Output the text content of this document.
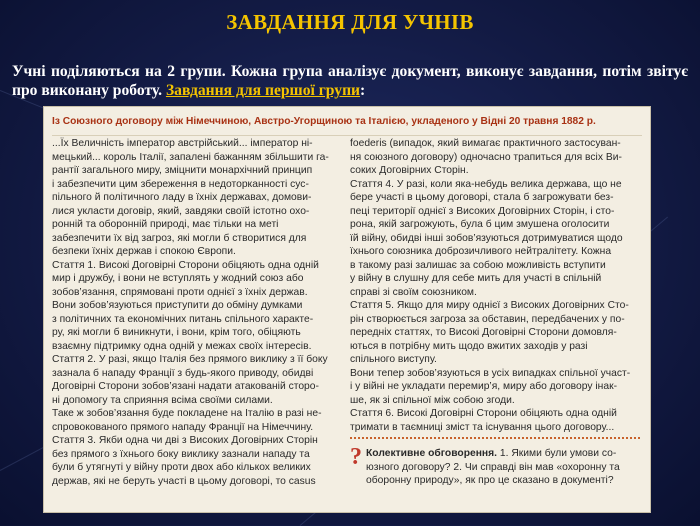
ЗАВДАННЯ ДЛЯ УЧНІВ
Учні поділяються на 2 групи. Кожна група аналізує документ, виконує завдання, потім звітує про виконану роботу. Завдання для першої групи:
Із Союзного договору між Німеччиною, Австро-Угорщиною та Італією, укладеного у Відні 20 травня 1882 р.

...Їх Величність імператор австрійський... імператор ні-

мецький... король Італії, запалені бажанням збільшити га-

рантії загального миру, зміцнити монархічний принцип

і забезпечити цим збереження в недоторканності сус-

пільного й політичного ладу в їхніх державах, домови-

лися укласти договір, який, завдяки своїй істотно охо-

ронній та оборонній природі, має тільки на меті

забезпечити їх від загроз, які могли б створитися для

безпеки їхніх держав і спокою Європи.

Стаття 1. Високі Договірні Сторони обіцяють одна одній

мир і дружбу, і вони не вступлять у жодний союз або

зобов’язання, спрямовані проти однієї з їхніх держав.

Вони зобов’язуються приступити до обміну думками

з політичних та економічних питань спільного характе-

ру, які могли б виникнути, і вони, крім того, обіцяють

взаємну підтримку одна одній у межах своїх інтересів.

Стаття 2. У разі, якщо Італія без прямого виклику з її боку

зазнала б нападу Франції з будь-якого приводу, обидві

Договірні Сторони зобов’язані надати атакованій сторо-

ні допомогу та сприяння всіма своїми силами.

Таке ж зобов’язання буде покладене на Італію в разі не-

спровокованого прямого нападу Франції на Німеччину.

Стаття 3. Якби одна чи дві з Високих Договірних Сторін

без прямого з їхнього боку виклику зазнали нападу та

були б утягнуті у війну проти двох або кількох великих

держав, які не беруть участі в цьому договорі, то casus

foederis (випадок, який вимагає практичного застосуван-

ня союзного договору) одночасно трапиться для всіх Ви-

соких Договірних Сторін.

Стаття 4. У разі, коли яка-небудь велика держава, що не

бере участі в цьому договорі, стала б загрожувати без-

пеці території однієї з Високих Договірних Сторін, і сто-

рона, якій загрожують, була б цим змушена оголосити

їй війну, обидві інші зобов’язуються дотримуватися щодо

їхнього союзника доброзичливого нейтралітету. Кожна

в такому разі залишає за собою можливість вступити

у війну в слушну для себе мить для участі в спільній

справі зі своїм союзником.

Стаття 5. Якщо для миру однієї з Високих Договірних Сто-

рін створюється загроза за обставин, передбачених у по-

передніх статтях, то Високі Договірні Сторони домовля-

ються в потрібну мить щодо вжитих заходів у разі

спільного виступу.

Вони тепер зобов’язуються в усіх випадках спільної участ-

і у війні не укладати перемир’я, миру або договору інак-

ше, як зі спільної між собою згоди.

Стаття 6. Високі Договірні Сторони обіцяють одна одній

тримати в таємниці зміст та існування цього договору...

? Колективне обговорення. 1. Якими були умови со-юзного договору? 2. Чи справді він мав «охоронну та оборонну природу», як про це сказано в документі?
